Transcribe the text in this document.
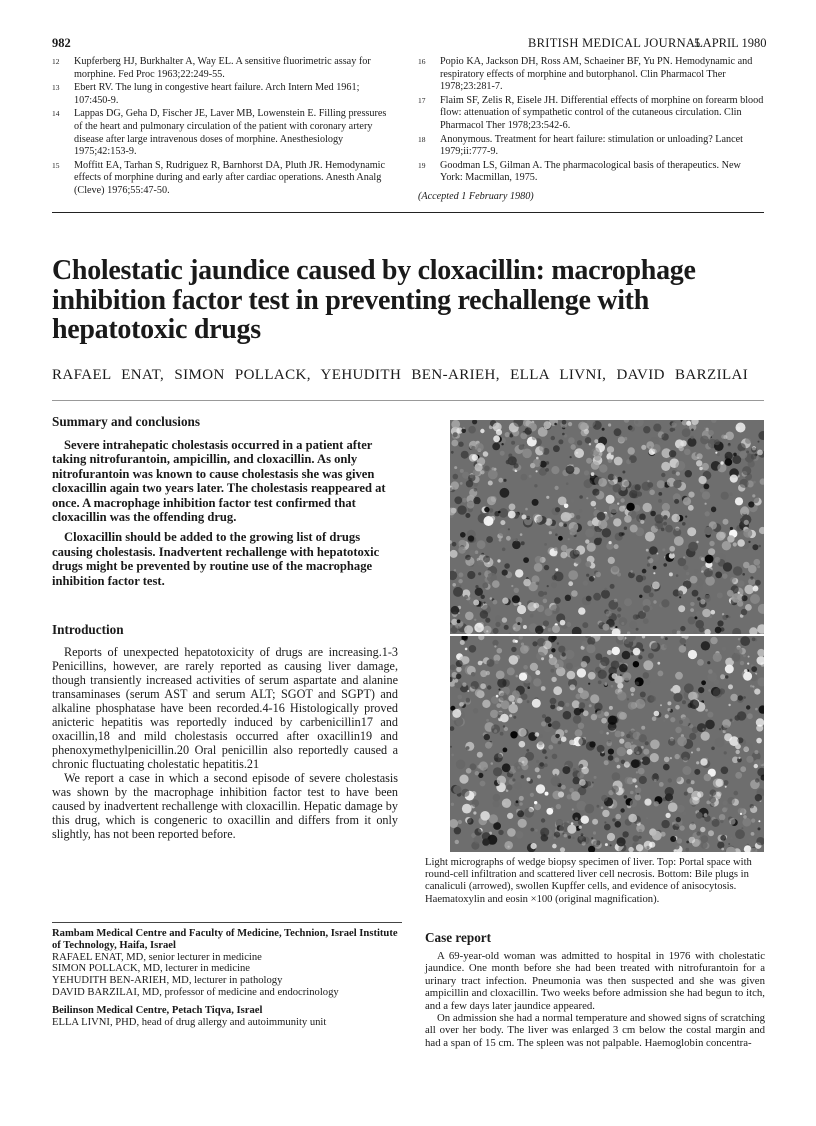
982	BRITISH MEDICAL JOURNAL
5 APRIL 1980
12 Kupferberg HJ, Burkhalter A, Way EL. A sensitive fluorimetric assay for morphine. Fed Proc 1963;22:249-55.
13 Ebert RV. The lung in congestive heart failure. Arch Intern Med 1961; 107:450-9.
14 Lappas DG, Geha D, Fischer JE, Laver MB, Lowenstein E. Filling pressures of the heart and pulmonary circulation of the patient with coronary artery disease after large intravenous doses of morphine. Anesthesiology 1975;42:153-9.
15 Moffitt EA, Tarhan S, Rudriguez R, Barnhorst DA, Pluth JR. Hemodynamic effects of morphine during and early after cardiac operations. Anesth Analg (Cleve) 1976;55:47-50.
16 Popio KA, Jackson DH, Ross AM, Schaeiner BF, Yu PN. Hemodynamic and respiratory effects of morphine and butorphanol. Clin Pharmacol Ther 1978;23:281-7.
17 Flaim SF, Zelis R, Eisele JH. Differential effects of morphine on forearm blood flow: attenuation of sympathetic control of the cutaneous circulation. Clin Pharmacol Ther 1978;23:542-6.
18 Anonymous. Treatment for heart failure: stimulation or unloading? Lancet 1979;ii:777-9.
19 Goodman LS, Gilman A. The pharmacological basis of therapeutics. New York: Macmillan, 1975.
(Accepted 1 February 1980)
Cholestatic jaundice caused by cloxacillin: macrophage inhibition factor test in preventing rechallenge with hepatotoxic drugs
RAFAEL ENAT, SIMON POLLACK, YEHUDITH BEN-ARIEH, ELLA LIVNI, DAVID BARZILAI
Summary and conclusions

Severe intrahepatic cholestasis occurred in a patient after taking nitrofurantoin, ampicillin, and cloxacillin. As only nitrofurantoin was known to cause cholestasis she was given cloxacillin again two years later. The cholestasis reappeared at once. A macrophage inhibition factor test confirmed that cloxacillin was the offending drug.

Cloxacillin should be added to the growing list of drugs causing cholestasis. Inadvertent rechallenge with hepatotoxic drugs might be prevented by routine use of the macrophage inhibition factor test.

Introduction

Reports of unexpected hepatotoxicity of drugs are increasing.1-3 Penicillins, however, are rarely reported as causing liver damage, though transiently increased activities of serum aspartate and alanine transaminases (serum AST and serum ALT; SGOT and SGPT) and alkaline phosphatase have been recorded.4-16 Histologically proved anicteric hepatitis was reportedly induced by carbenicillin17 and oxacillin,18 and mild cholestasis occurred after oxacillin19 and phenoxymethylpenicillin.20 Oral penicillin also reportedly caused a chronic fluctuating cholestatic hepatitis.21

We report a case in which a second episode of severe cholestasis was shown by the macrophage inhibition factor test to have been caused by inadvertent rechallenge with cloxacillin. Hepatic damage by this drug, which is congeneric to oxacillin and differs from it only slightly, has not been reported before.

Rambam Medical Centre and Faculty of Medicine, Technion, Israel Institute of Technology, Haifa, Israel
RAFAEL ENAT, MD, senior lecturer in medicine
SIMON POLLACK, MD, lecturer in medicine
YEHUDITH BEN-ARIEH, MD, lecturer in pathology
DAVID BARZILAI, MD, professor of medicine and endocrinology
Beilinson Medical Centre, Petach Tiqva, Israel
ELLA LIVNI, PHD, head of drug allergy and autoimmunity unit
Light micrographs of wedge biopsy specimen of liver. Top: Portal space with round-cell infiltration and scattered liver cell necrosis. Bottom: Bile plugs in canaliculi (arrowed), swollen Kupffer cells, and evidence of anisocytosis. Haematoxylin and eosin ×100 (original magnification).
Case report

A 69-year-old woman was admitted to hospital in 1976 with cholestatic jaundice. One month before she had been treated with nitrofurantoin for a urinary tract infection. Pneumonia was then suspected and she was given ampicillin and cloxacillin. Two weeks before admission she had begun to itch, and a few days later jaundice appeared.

On admission she had a normal temperature and showed signs of scratching all over her body. The liver was enlarged 3 cm below the costal margin and had a span of 15 cm. The spleen was not palpable. Haemoglobin concentra-
